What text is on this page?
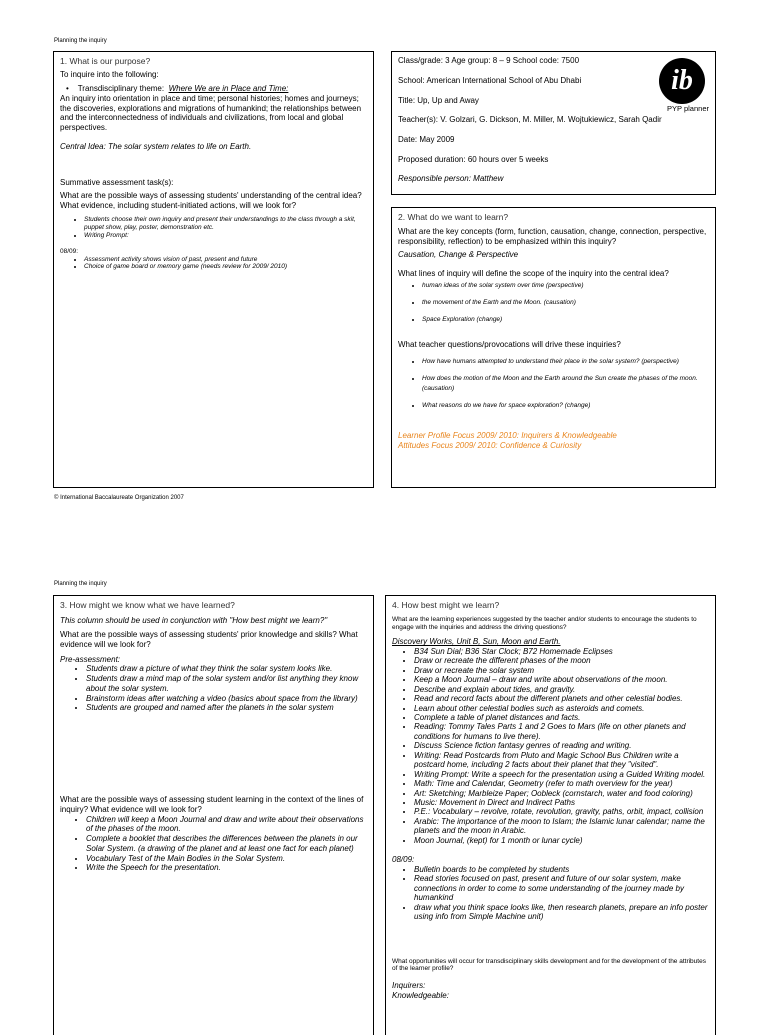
Planning the inquiry

1. What is our purpose?

To inquire into the following:

•    Transdisciplinary theme: Where We are in Place and Time:

An inquiry into orientation in place and time; personal histories; homes and journeys; the discoveries, explorations and migrations of humankind; the relationships between and the interconnectedness of individuals and civilizations, from local and global perspectives.

Central Idea: The solar system relates to life on Earth.

Summative assessment task(s):

What are the possible ways of assessing students' understanding of the central idea? What evidence, including student-initiated actions, will we look for?

• Students choose their own inquiry and present their understandings to the class through a skit, puppet show, play, poster, demonstration etc.
• Writing Prompt:

08/09:

• Assessment activity shows vision of past, present and future
• Choice of game board or memory game (needs review for 2009/ 2010)

Class/grade: 3 Age group: 8 – 9 School code: 7500

School: American International School of Abu Dhabi

Title: Up, Up and Away

Teacher(s): V. Golzari, G. Dickson, M. Miller, M. Wojtukiewicz, Sarah Qadir

Date: May 2009

Proposed duration: 60 hours over 5 weeks

Responsible person: Matthew

ib
PYP planner

2. What do we want to learn?

What are the key concepts (form, function, causation, change, connection, perspective, responsibility, reflection) to be emphasized within this inquiry?

Causation, Change & Perspective

What lines of inquiry will define the scope of the inquiry into the central idea?

• human ideas of the solar system over time (perspective)
• the movement of the Earth and the Moon. (causation)
• Space Exploration (change)

What teacher questions/provocations will drive these inquiries?

• How have humans attempted to understand their place in the solar system? (perspective)
• How does the motion of the Moon and the Earth around the Sun create the phases of the moon. (causation)
• What reasons do we have for space exploration? (change)

Learner Profile Focus 2009/ 2010: Inquirers & Knowledgeable

Attitudes Focus 2009/ 2010: Confidence & Curiosity

© International Baccalaureate Organization 2007
Planning the inquiry

3. How might we know what we have learned?

This column should be used in conjunction with "How best might we learn?"

What are the possible ways of assessing students' prior knowledge and skills? What evidence will we look for?

Pre-assessment:

• Students draw a picture of what they think the solar system looks like.
• Students draw a mind map of the solar system and/or list anything they know about the solar system.
• Brainstorm ideas after watching a video (basics about space from the library)
• Students are grouped and named after the planets in the solar system

What are the possible ways of assessing student learning in the context of the lines of inquiry? What evidence will we look for?

• Children will keep a Moon Journal and draw and write about their observations of the phases of the moon.
• Complete a booklet that describes the differences between the planets in our Solar System. (a drawing of the planet and at least one fact for each planet)
• Vocabulary Test of the Main Bodies in the Solar System.
• Write the Speech for the presentation.

4. How best might we learn?

What are the learning experiences suggested by the teacher and/or students to encourage the students to engage with the inquiries and address the driving questions?

Discovery Works, Unit B, Sun, Moon and Earth.

• B34 Sun Dial; B36 Star Clock; B72 Homemade Eclipses
• Draw or recreate the different phases of the moon
• Draw or recreate the solar system
• Keep a Moon Journal – draw and write about observations of the moon.
• Describe and explain about tides, and gravity.
• Read and record facts about the different planets and other celestial bodies.
• Learn about other celestial bodies such as asteroids and comets.
• Complete a table of planet distances and facts.
• Reading: Tommy Tales Parts 1 and 2 Goes to Mars (life on other planets and conditions for humans to live there).
• Discuss Science fiction fantasy genres of reading and writing.
• Writing: Read Postcards from Pluto and Magic School Bus Children write a postcard home, including 2 facts about their planet that they "visited".
• Writing Prompt: Write a speech for the presentation using a Guided Writing model.
• Math: Time and Calendar, Geometry (refer to math overview for the year)
• Art: Sketching; Marbleize Paper; Oobleck (cornstarch, water and food coloring)
• Music: Movement in Direct and Indirect Paths
• P.E.: Vocabulary – revolve, rotate, revolution, gravity, paths, orbit, impact, collision
• Arabic: The importance of the moon to Islam; the Islamic lunar calendar; name the planets and the moon in Arabic.
• Moon Journal, (kept) for 1 month or lunar cycle)

08/09:

• Bulletin boards to be completed by students
• Read stories focused on past, present and future of our solar system, make connections in order to come to some understanding of the journey made by humankind
• draw what you think space looks like, then research planets, prepare an info poster using info from Simple Machine unit)

What opportunities will occur for transdisciplinary skills development and for the development of the attributes of the learner profile?

Inquirers:

Knowledgeable:
